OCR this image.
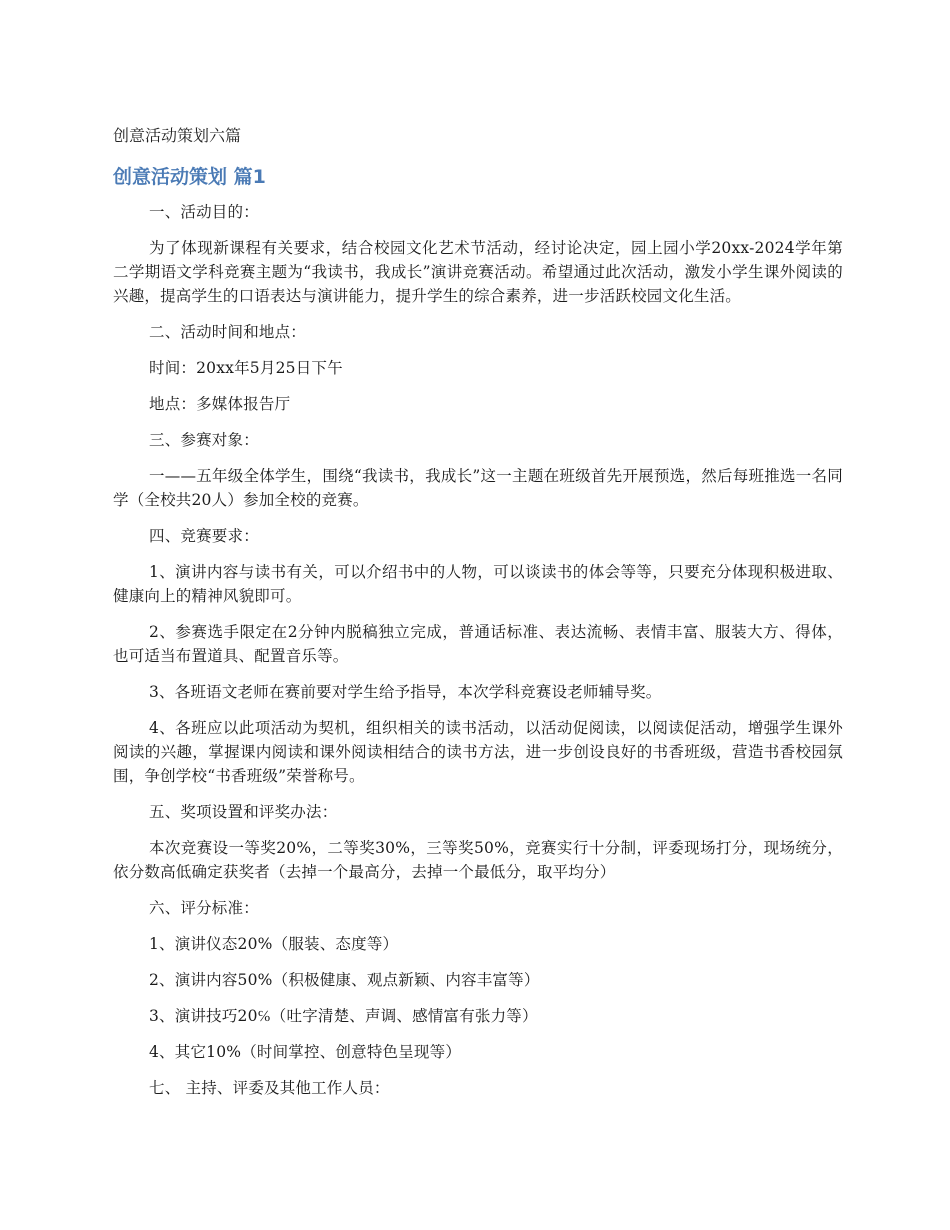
创意活动策划六篇
创意活动策划 篇1

一、活动目的：

为了体现新课程有关要求，结合校园文化艺术节活动，经讨论决定，园上园小学20xx-2024学年第二学期语文学科竞赛主题为“我读书，我成长”演讲竞赛活动。希望通过此次活动，激发小学生课外阅读的兴趣，提高学生的口语表达与演讲能力，提升学生的综合素养，进一步活跃校园文化生活。

二、活动时间和地点：

时间：20xx年5月25日下午

地点：多媒体报告厅

三、参赛对象：

一——五年级全体学生，围绕“我读书，我成长”这一主题在班级首先开展预选，然后每班推选一名同学（全校共20人）参加全校的竞赛。

四、竞赛要求：

1、演讲内容与读书有关，可以介绍书中的人物，可以谈读书的体会等等，只要充分体现积极进取、健康向上的精神风貌即可。

2、参赛选手限定在2分钟内脱稿独立完成，普通话标准、表达流畅、表情丰富、服装大方、得体，也可适当布置道具、配置音乐等。

3、各班语文老师在赛前要对学生给予指导，本次学科竞赛设老师辅导奖。

4、各班应以此项活动为契机，组织相关的读书活动，以活动促阅读，以阅读促活动，增强学生课外阅读的兴趣，掌握课内阅读和课外阅读相结合的读书方法，进一步创设良好的书香班级，营造书香校园氛围，争创学校“书香班级”荣誉称号。

五、奖项设置和评奖办法：

本次竞赛设一等奖20%，二等奖30%，三等奖50%，竞赛实行十分制，评委现场打分，现场统分，依分数高低确定获奖者（去掉一个最高分，去掉一个最低分，取平均分）

六、评分标准：

1、演讲仪态20%（服装、态度等）

2、演讲内容50%（积极健康、观点新颖、内容丰富等）

3、演讲技巧20℅（吐字清楚、声调、感情富有张力等）

4、其它10%（时间掌控、创意特色呈现等）

七、 主持、评委及其他工作人员：
